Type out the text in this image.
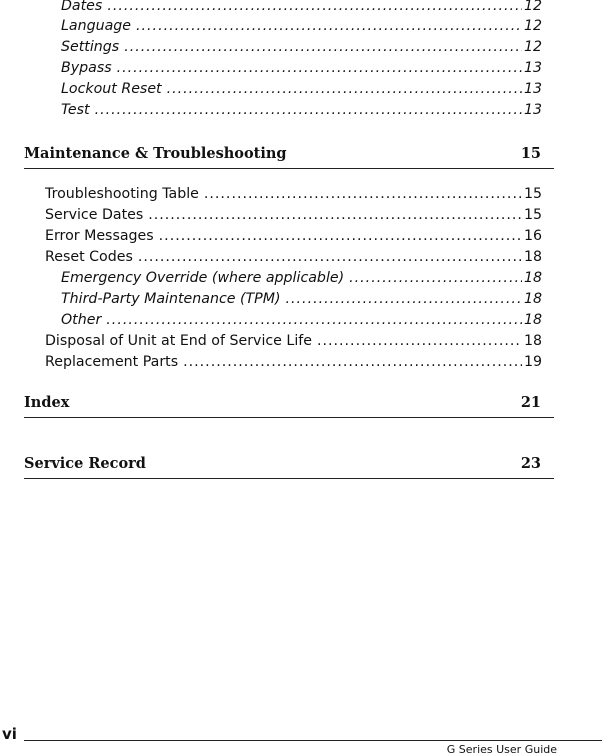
Dates .....	12
Language .....	12
Settings .....	12
Bypass .....	13
Lockout Reset .....	13
Test .....	13
Maintenance & Troubleshooting	15
Troubleshooting Table .....	15
Service Dates .....	15
Error Messages .....	16
Reset Codes .....	18
Emergency Override (where applicable) .....	18
Third-Party Maintenance (TPM) .....	18
Other .....	18
Disposal of Unit at End of Service Life .....	18
Replacement Parts .....	19
Index	21
Service Record	23
vi
G Series User Guide
